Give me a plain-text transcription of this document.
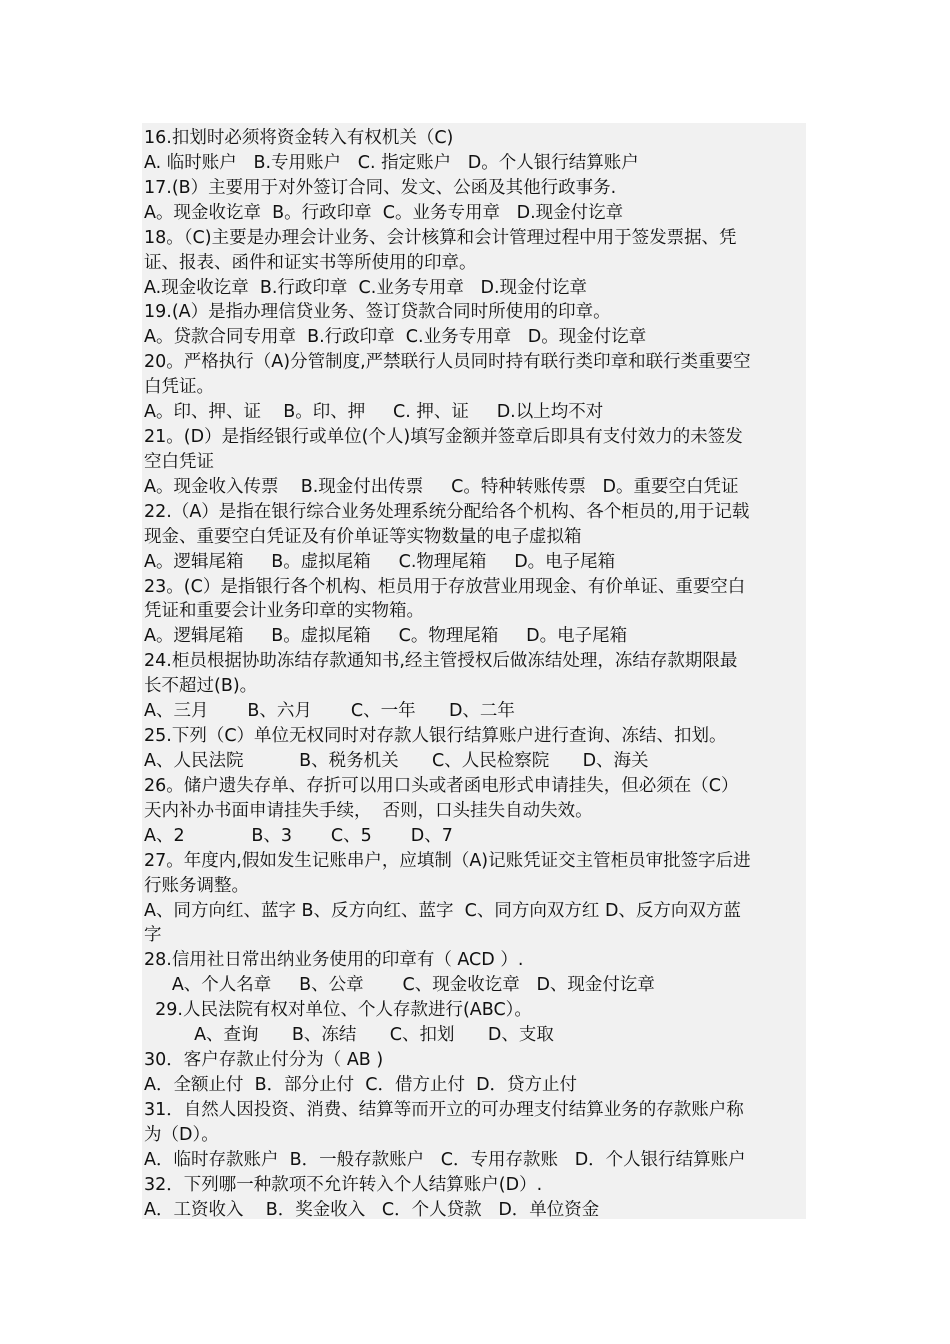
16.扣划时必须将资金转入有权机关（C)
A. 临时账户   B.专用账户   C. 指定账户   D。个人银行结算账户
17.(B）主要用于对外签订合同、发文、公函及其他行政事务.
A。现金收讫章  B。行政印章  C。业务专用章   D.现金付讫章
18。（C)主要是办理会计业务、会计核算和会计管理过程中用于签发票据、凭
证、报表、函件和证实书等所使用的印章。
A.现金收讫章  B.行政印章  C.业务专用章   D.现金付讫章
19.(A）是指办理信贷业务、签订贷款合同时所使用的印章。
A。贷款合同专用章  B.行政印章  C.业务专用章   D。现金付讫章
20。严格执行（A)分管制度,严禁联行人员同时持有联行类印章和联行类重要空
白凭证。
A。印、押、证    B。印、押     C. 押、证     D.以上均不对
21。(D）是指经银行或单位(个人)填写金额并签章后即具有支付效力的未签发
空白凭证
A。现金收入传票    B.现金付出传票     C。特种转账传票   D。重要空白凭证
22.（A）是指在银行综合业务处理系统分配给各个机构、各个柜员的,用于记载
现金、重要空白凭证及有价单证等实物数量的电子虚拟箱
A。逻辑尾箱     B。虚拟尾箱     C.物理尾箱     D。电子尾箱
23。(C）是指银行各个机构、柜员用于存放营业用现金、有价单证、重要空白
凭证和重要会计业务印章的实物箱。
A。逻辑尾箱     B。虚拟尾箱     C。物理尾箱     D。电子尾箱
24.柜员根据协助冻结存款通知书,经主管授权后做冻结处理，冻结存款期限最
长不超过(B)。
A、三月       B、六月       C、一年      D、二年
25.下列（C）单位无权同时对存款人银行结算账户进行查询、冻结、扣划。
A、人民法院          B、税务机关      C、人民检察院      D、海关
26。储户遗失存单、存折可以用口头或者函电形式申请挂失，但必须在（C）
天内补办书面申请挂失手续，  否则，口头挂失自动失效。
A、2            B、3       C、5       D、7
27。年度内,假如发生记账串户，应填制（A)记账凭证交主管柜员审批签字后进
行账务调整。
A、同方向红、蓝字 B、反方向红、蓝字  C、同方向双方红 D、反方向双方蓝
字
28.信用社日常出纳业务使用的印章有（ ACD ）.
A、个人名章     B、公章       C、现金收讫章   D、现金付讫章
29.人民法院有权对单位、个人存款进行(ABC）。
A、查询      B、冻结      C、扣划      D、支取
30．客户存款止付分为（ AB )
A．全额止付  B．部分止付  C．借方止付  D．贷方止付
31．自然人因投资、消费、结算等而开立的可办理支付结算业务的存款账户称
为（D）。
A．临时存款账户  B．一般存款账户   C．专用存款账   D．个人银行结算账户
32．下列哪一种款项不允许转入个人结算账户(D）.
A．工资收入    B．奖金收入   C．个人贷款   D．单位资金
